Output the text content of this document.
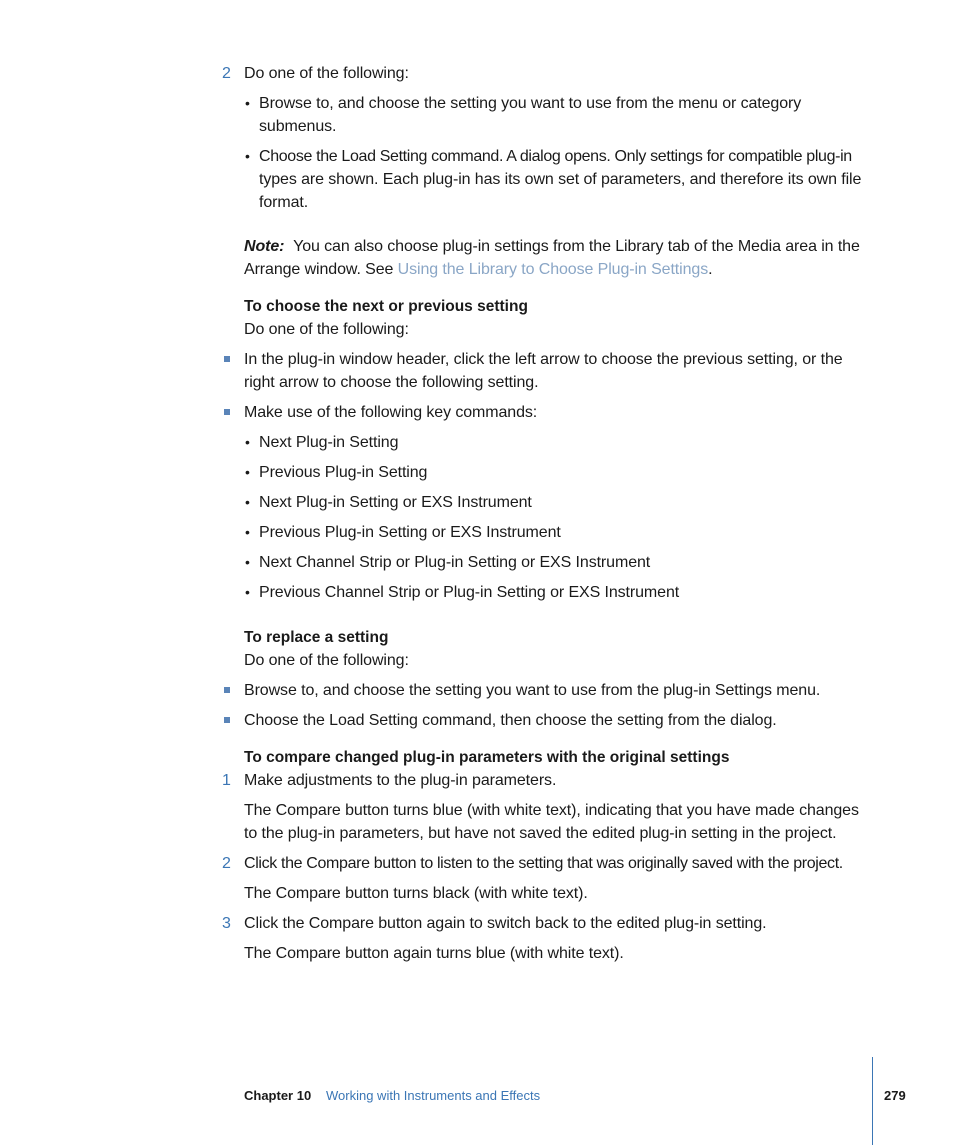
2 Do one of the following:
• Browse to, and choose the setting you want to use from the menu or category
submenus.
• Choose the Load Setting command. A dialog opens. Only settings for compatible plug-in
types are shown. Each plug-in has its own set of parameters, and therefore its own file
format.
Note: You can also choose plug-in settings from the Library tab of the Media area in the
Arrange window. See Using the Library to Choose Plug-in Settings.
To choose the next or previous setting
Do one of the following:
In the plug-in window header, click the left arrow to choose the previous setting, or the
right arrow to choose the following setting.
Make use of the following key commands:
• Next Plug-in Setting
• Previous Plug-in Setting
• Next Plug-in Setting or EXS Instrument
• Previous Plug-in Setting or EXS Instrument
• Next Channel Strip or Plug-in Setting or EXS Instrument
• Previous Channel Strip or Plug-in Setting or EXS Instrument
To replace a setting
Do one of the following:
Browse to, and choose the setting you want to use from the plug-in Settings menu.
Choose the Load Setting command, then choose the setting from the dialog.
To compare changed plug-in parameters with the original settings
1 Make adjustments to the plug-in parameters.
The Compare button turns blue (with white text), indicating that you have made changes
to the plug-in parameters, but have not saved the edited plug-in setting in the project.
2 Click the Compare button to listen to the setting that was originally saved with the project.
The Compare button turns black (with white text).
3 Click the Compare button again to switch back to the edited plug-in setting.
The Compare button again turns blue (with white text).
Chapter 10 Working with Instruments and Effects	279
